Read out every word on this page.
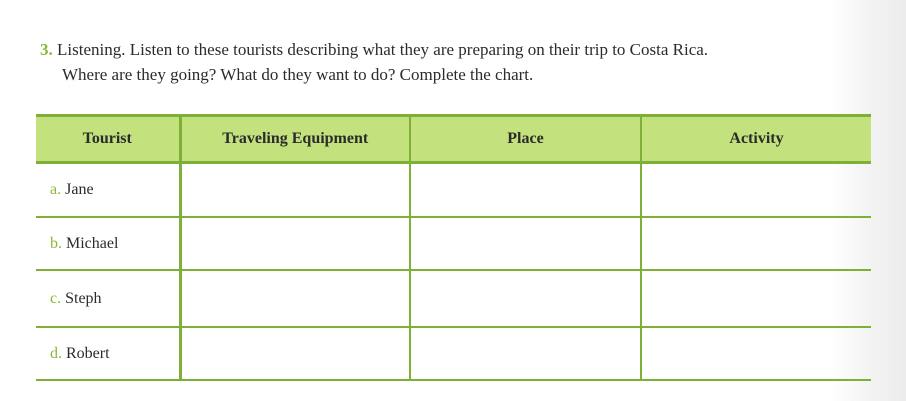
3. Listening. Listen to these tourists describing what they are preparing on their trip to Costa Rica.
Where are they going? What do they want to do? Complete the chart.
Tourist	Traveling Equipment	Place	Activity
a. Jane			
b. Michael			
c. Steph			
d. Robert			
